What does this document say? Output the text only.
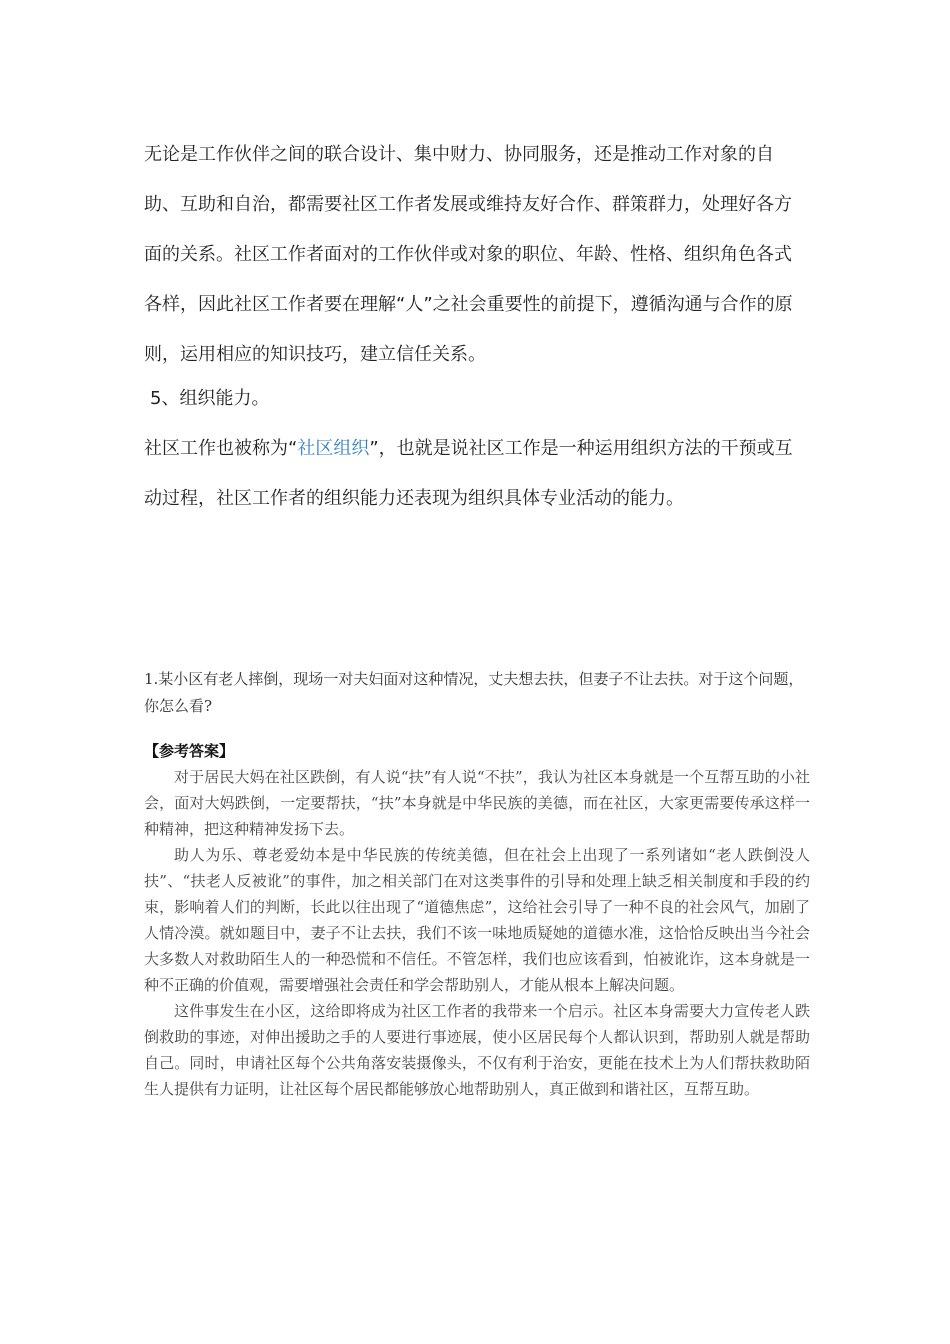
无论是工作伙伴之间的联合设计、集中财力、协同服务，还是推动工作对象的自助、互助和自治，都需要社区工作者发展或维持友好合作、群策群力，处理好各方面的关系。社区工作者面对的工作伙伴或对象的职位、年龄、性格、组织角色各式各样，因此社区工作者要在理解“人”之社会重要性的前提下，遵循沟通与合作的原则，运用相应的知识技巧，建立信任关系。

5、组织能力。

社区工作也被称为“社区组织”，也就是说社区工作是一种运用组织方法的干预或互动过程，社区工作者的组织能力还表现为组织具体专业活动的能力。

1.某小区有老人摔倒，现场一对夫妇面对这种情况，丈夫想去扶，但妻子不让去扶。对于这个问题，你怎么看?

【参考答案】

对于居民大妈在社区跌倒，有人说“扶”有人说“不扶”，我认为社区本身就是一个互帮互助的小社会，面对大妈跌倒，一定要帮扶，“扶”本身就是中华民族的美德，而在社区，大家更需要传承这样一种精神，把这种精神发扬下去。

助人为乐、尊老爱幼本是中华民族的传统美德，但在社会上出现了一系列诸如“老人跌倒没人扶”、“扶老人反被讹”的事件，加之相关部门在对这类事件的引导和处理上缺乏相关制度和手段的约束，影响着人们的判断，长此以往出现了“道德焦虑”，这给社会引导了一种不良的社会风气，加剧了人情冷漠。就如题目中，妻子不让去扶，我们不该一味地质疑她的道德水准，这恰恰反映出当今社会大多数人对救助陌生人的一种恐慌和不信任。不管怎样，我们也应该看到，怕被讹诈，这本身就是一种不正确的价值观，需要增强社会责任和学会帮助别人，才能从根本上解决问题。

这件事发生在小区，这给即将成为社区工作者的我带来一个启示。社区本身需要大力宣传老人跌倒救助的事迹，对伸出援助之手的人要进行事迹展，使小区居民每个人都认识到，帮助别人就是帮助自己。同时，申请社区每个公共角落安装摄像头，不仅有利于治安，更能在技术上为人们帮扶救助陌生人提供有力证明，让社区每个居民都能够放心地帮助别人，真正做到和谐社区，互帮互助。
